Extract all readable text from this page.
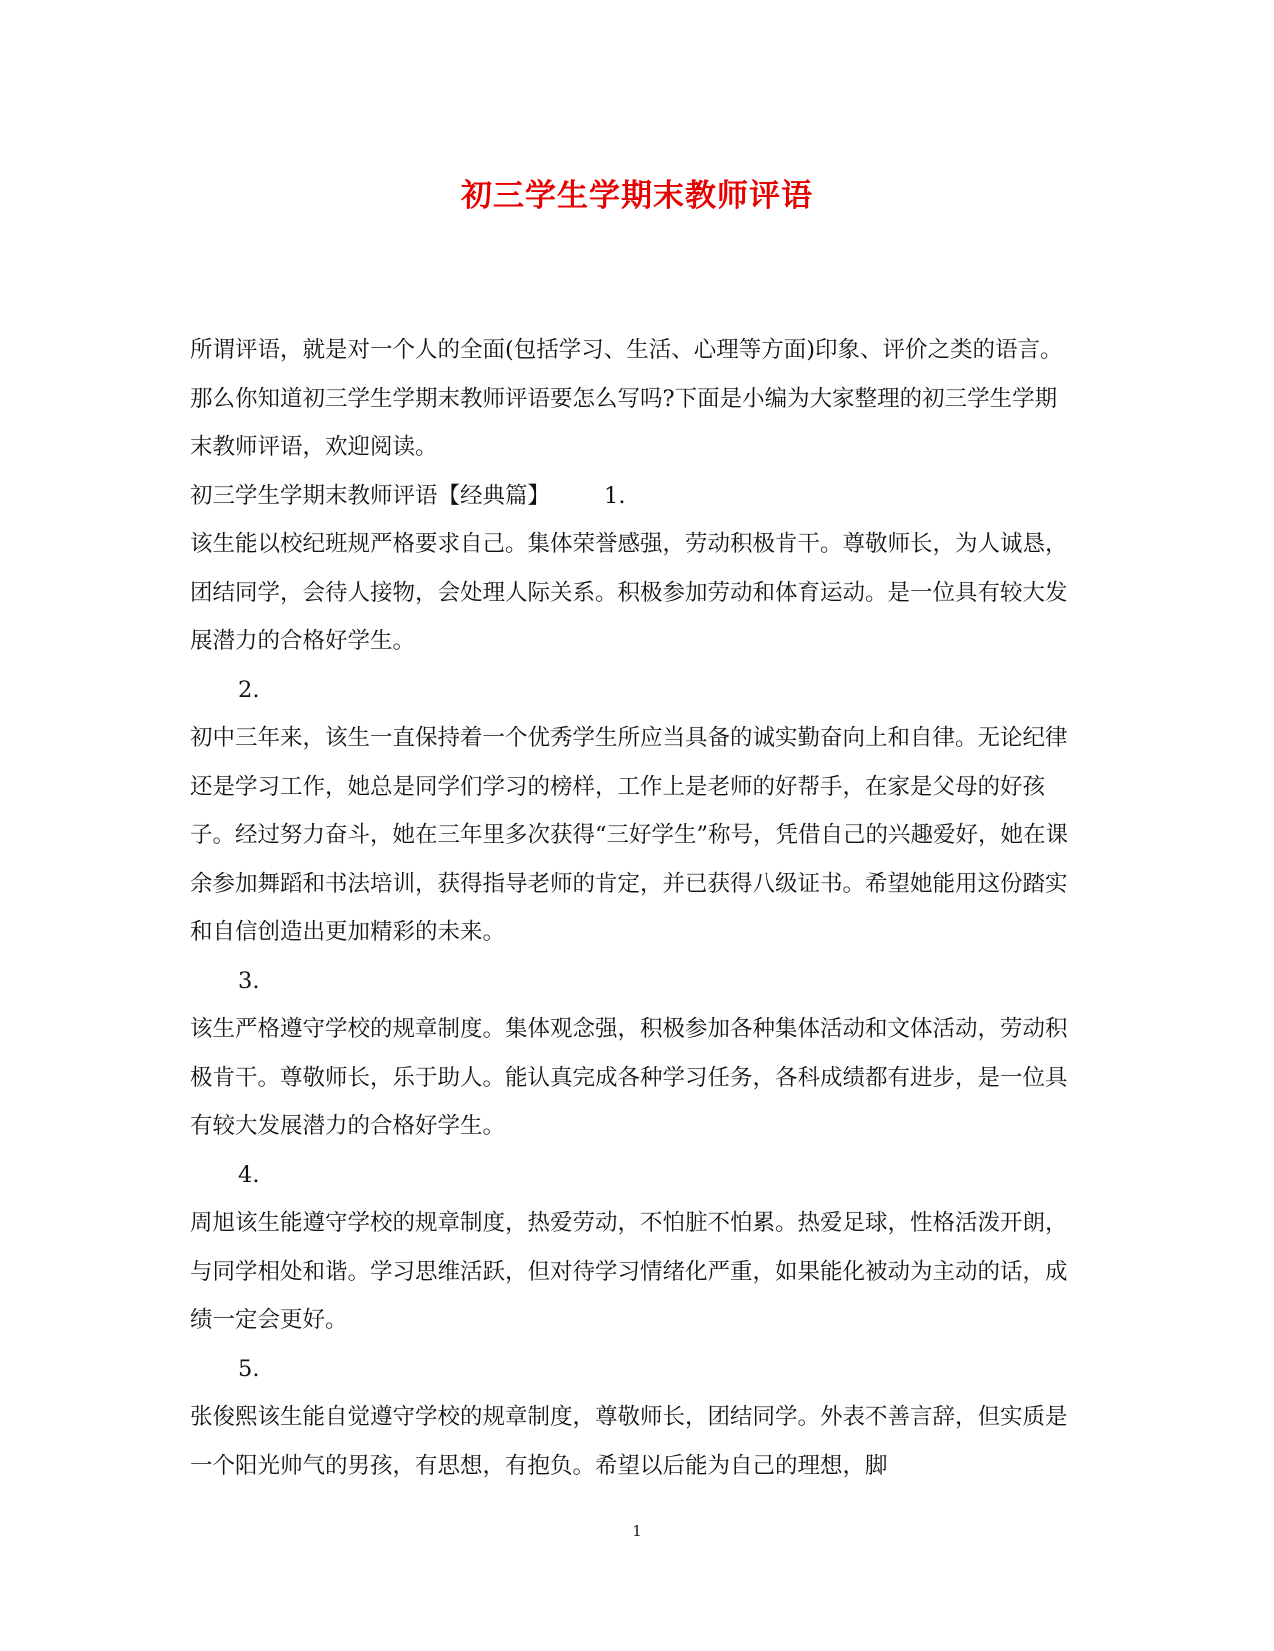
初三学生学期末教师评语

所谓评语，就是对一个人的全面(包括学习、生活、心理等方面)印象、评价之类的语言。那么你知道初三学生学期末教师评语要怎么写吗?下面是小编为大家整理的初三学生学期末教师评语，欢迎阅读。

初三学生学期末教师评语【经典篇】 1.

该生能以校纪班规严格要求自己。集体荣誉感强，劳动积极肯干。尊敬师长，为人诚恳，团结同学，会待人接物，会处理人际关系。积极参加劳动和体育运动。是一位具有较大发展潜力的合格好学生。

2.

初中三年来，该生一直保持着一个优秀学生所应当具备的诚实勤奋向上和自律。无论纪律还是学习工作，她总是同学们学习的榜样，工作上是老师的好帮手，在家是父母的好孩子。经过努力奋斗，她在三年里多次获得“三好学生”称号，凭借自己的兴趣爱好，她在课余参加舞蹈和书法培训，获得指导老师的肯定，并已获得八级证书。希望她能用这份踏实和自信创造出更加精彩的未来。

3.

该生严格遵守学校的规章制度。集体观念强，积极参加各种集体活动和文体活动，劳动积极肯干。尊敬师长，乐于助人。能认真完成各种学习任务，各科成绩都有进步，是一位具有较大发展潜力的合格好学生。

4.

周旭该生能遵守学校的规章制度，热爱劳动，不怕脏不怕累。热爱足球，性格活泼开朗，与同学相处和谐。学习思维活跃，但对待学习情绪化严重，如果能化被动为主动的话，成绩一定会更好。

5.

张俊熙该生能自觉遵守学校的规章制度，尊敬师长，团结同学。外表不善言辞，但实质是一个阳光帅气的男孩，有思想，有抱负。希望以后能为自己的理想，脚

1
